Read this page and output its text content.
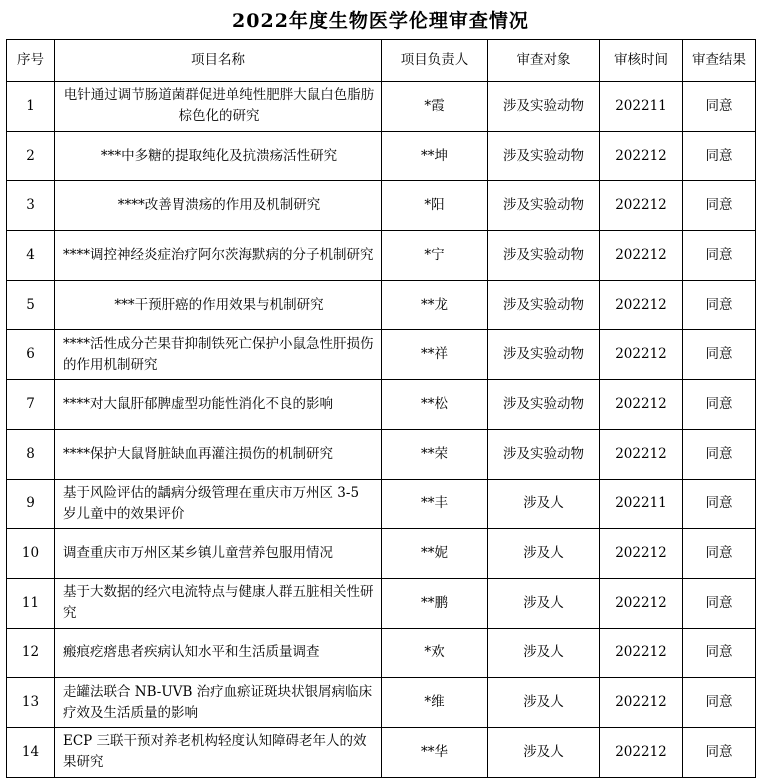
2022年度生物医学伦理审查情况
序号	项目名称	项目负责人	审查对象	审核时间	审查结果
1	电针通过调节肠道菌群促进单纯性肥胖大鼠白色脂肪棕色化的研究	*霞	涉及实验动物	202211	同意
2	***中多糖的提取纯化及抗溃疡活性研究	**坤	涉及实验动物	202212	同意
3	****改善胃溃疡的作用及机制研究	*阳	涉及实验动物	202212	同意
4	****调控神经炎症治疗阿尔茨海默病的分子机制研究	*宁	涉及实验动物	202212	同意
5	***干预肝癌的作用效果与机制研究	**龙	涉及实验动物	202212	同意
6	****活性成分芒果苷抑制铁死亡保护小鼠急性肝损伤的作用机制研究	**祥	涉及实验动物	202212	同意
7	****对大鼠肝郁脾虚型功能性消化不良的影响	**松	涉及实验动物	202212	同意
8	****保护大鼠肾脏缺血再灌注损伤的机制研究	**荣	涉及实验动物	202212	同意
9	基于风险评估的龋病分级管理在重庆市万州区 3-5 岁儿童中的效果评价	**丰	涉及人	202211	同意
10	调查重庆市万州区某乡镇儿童营养包服用情况	**妮	涉及人	202212	同意
11	基于大数据的经穴电流特点与健康人群五脏相关性研究	**鹏	涉及人	202212	同意
12	瘢痕疙瘩患者疾病认知水平和生活质量调查	*欢	涉及人	202212	同意
13	走罐法联合 NB-UVB 治疗血瘀证斑块状银屑病临床疗效及生活质量的影响	*维	涉及人	202212	同意
14	ECP 三联干预对养老机构轻度认知障碍老年人的效果研究	**华	涉及人	202212	同意
